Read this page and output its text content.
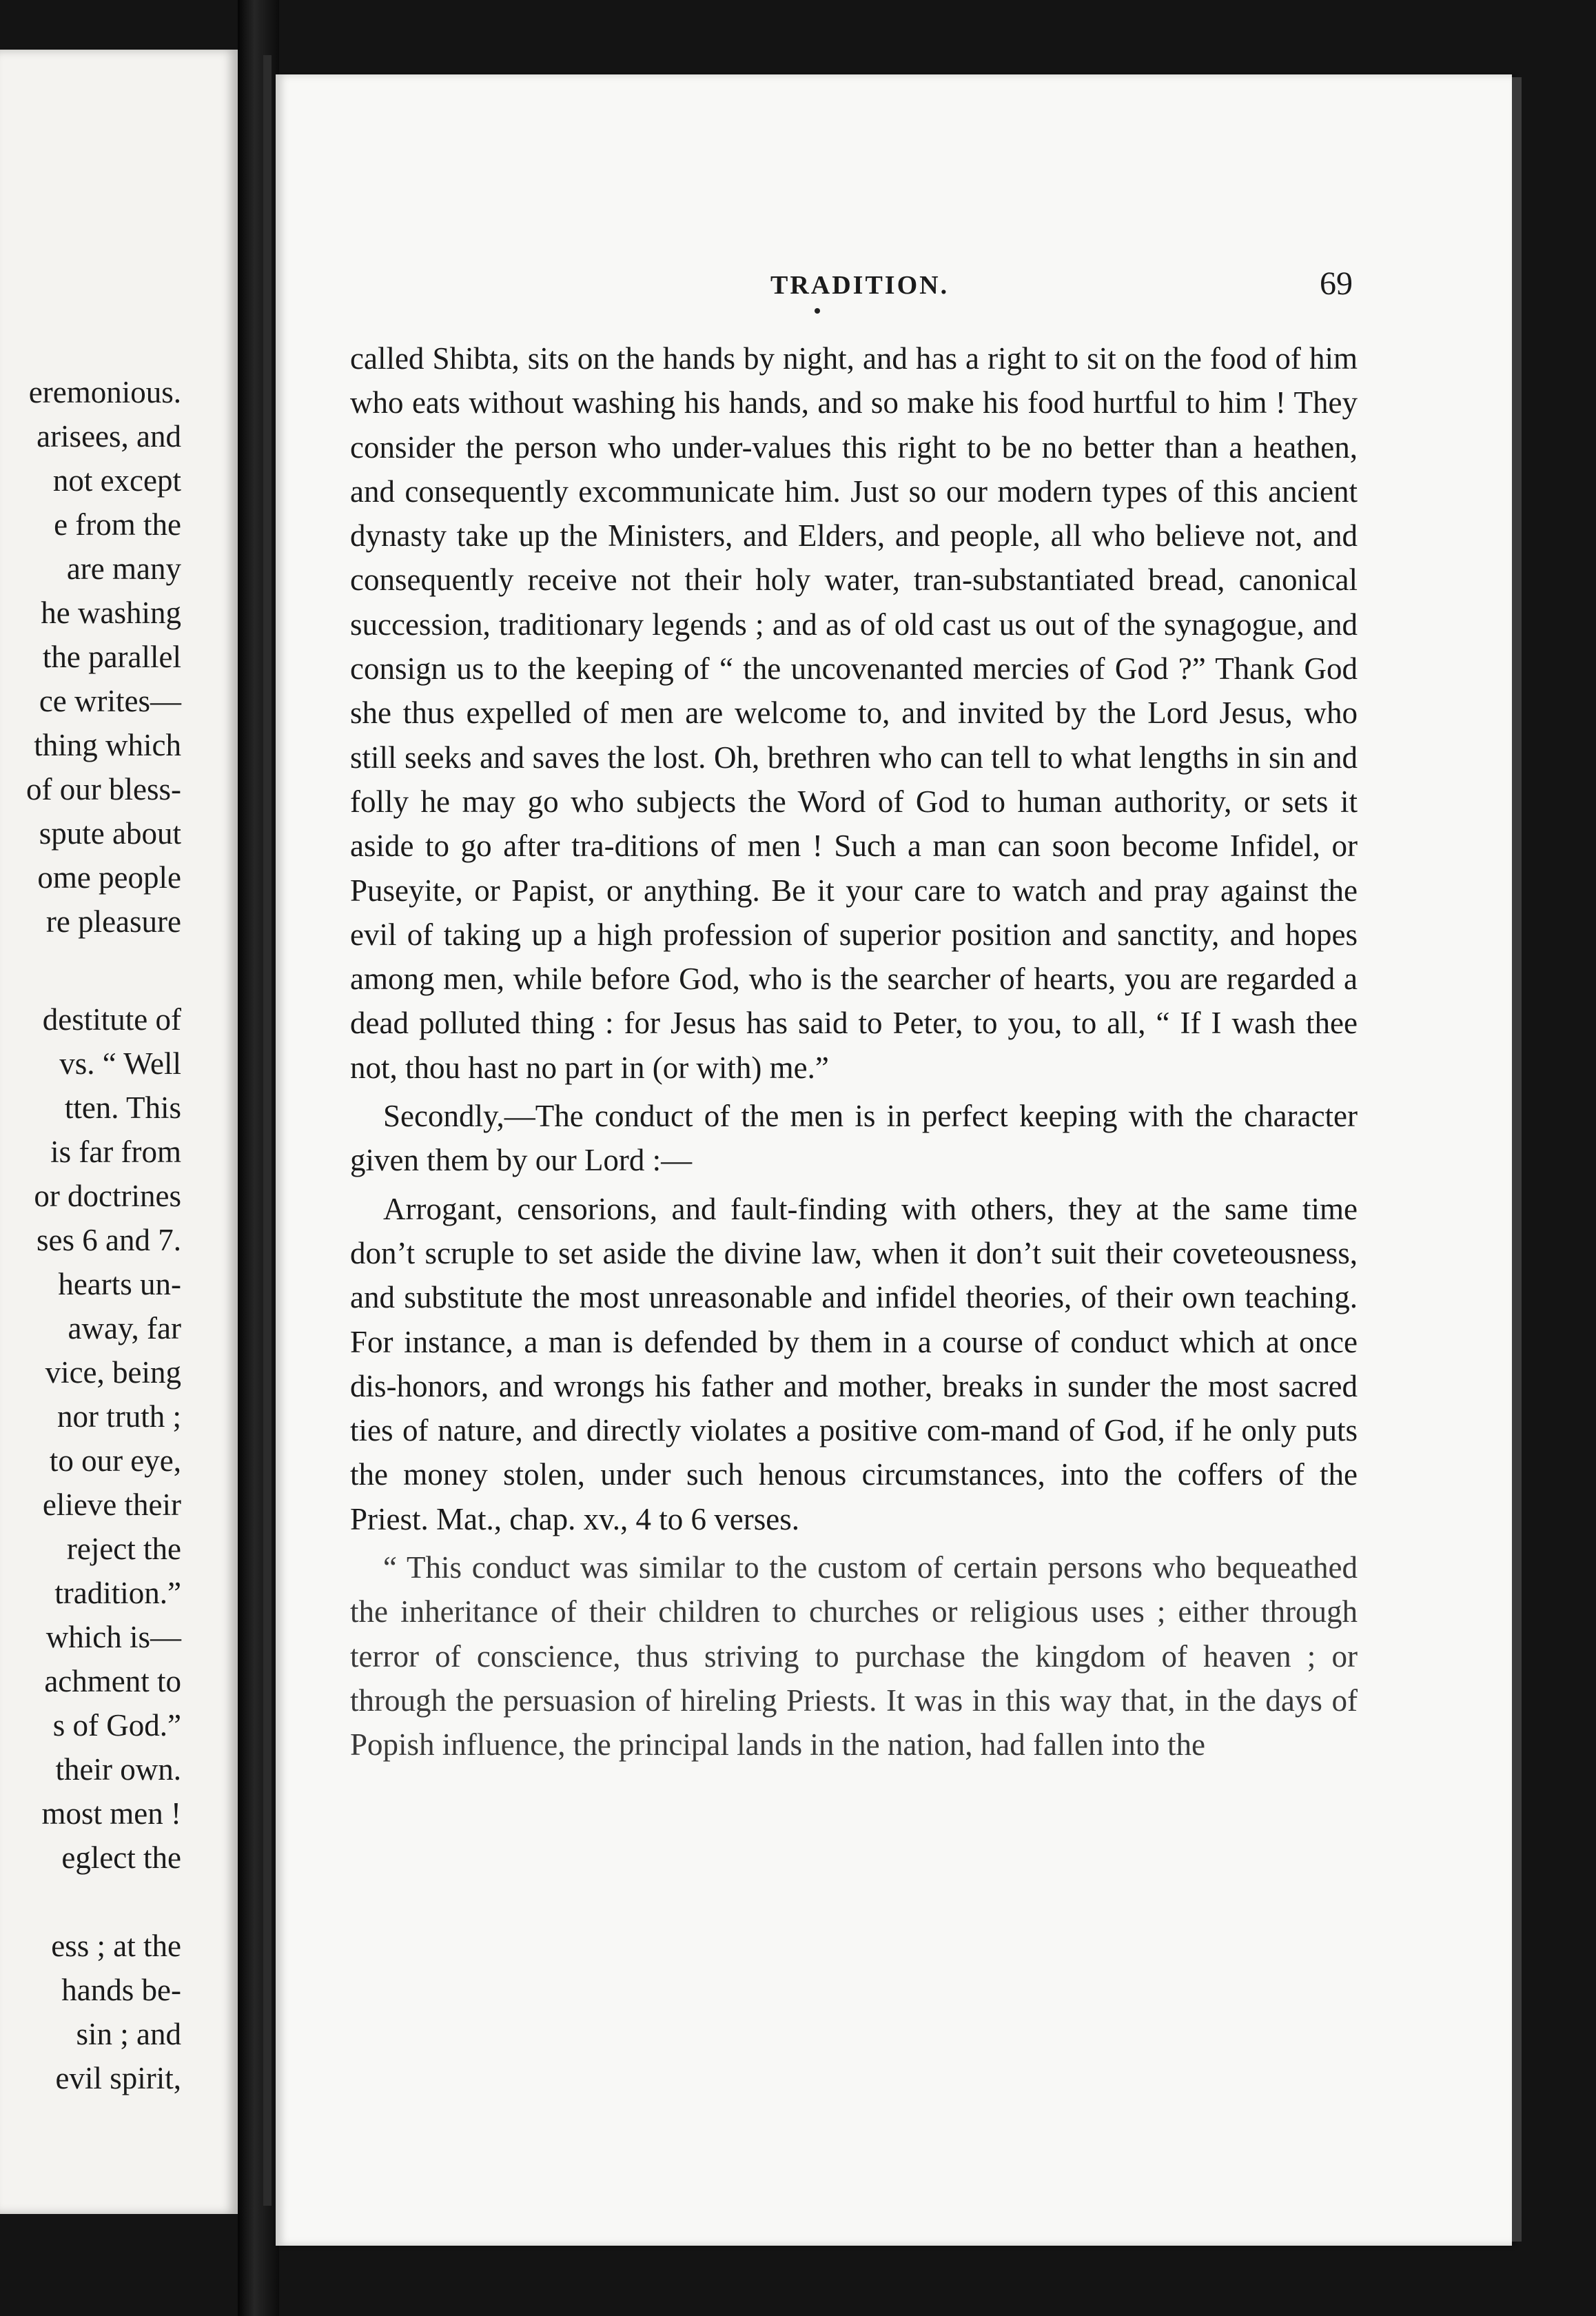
eremonious.
arisees, and
not except
e from the
are many
he washing
the parallel
ce writes—
thing which
of our bless-
spute about
ome people
re pleasure
destitute of
vs. “ Well
tten. This
is far from
or doctrines
ses 6 and 7.
hearts un-
away, far
vice, being
nor truth ;
to our eye,
elieve their
reject the
tradition.”
which is—
achment to
s of God.”
their own.
most men !
eglect the
ess ; at the
hands be-
sin ; and
evil spirit,
TRADITION.	69

called Shibta, sits on the hands by night, and has a right to sit on the food of him who eats without washing his hands, and so make his food hurtful to him ! They consider the person who under-values this right to be no better than a heathen, and consequently excommunicate him. Just so our modern types of this ancient dynasty take up the Ministers, and Elders, and people, all who believe not, and consequently receive not their holy water, tran-substantiated bread, canonical succession, traditionary legends ; and as of old cast us out of the synagogue, and consign us to the keeping of “ the uncovenanted mercies of God ?” Thank God she thus expelled of men are welcome to, and invited by the Lord Jesus, who still seeks and saves the lost. Oh, brethren who can tell to what lengths in sin and folly he may go who subjects the Word of God to human authority, or sets it aside to go after tra-ditions of men ! Such a man can soon become Infidel, or Puseyite, or Papist, or anything. Be it your care to watch and pray against the evil of taking up a high profession of superior position and sanctity, and hopes among men, while before God, who is the searcher of hearts, you are regarded a dead polluted thing : for Jesus has said to Peter, to you, to all, “ If I wash thee not, thou hast no part in (or with) me.”

Secondly,—The conduct of the men is in perfect keeping with the character given them by our Lord :—

Arrogant, censorions, and fault-finding with others, they at the same time don’t scruple to set aside the divine law, when it don’t suit their coveteousness, and substitute the most unreasonable and infidel theories, of their own teaching. For instance, a man is defended by them in a course of conduct which at once dis-honors, and wrongs his father and mother, breaks in sunder the most sacred ties of nature, and directly violates a positive com-mand of God, if he only puts the money stolen, under such henous circumstances, into the coffers of the Priest. Mat., chap. xv., 4 to 6 verses.

“ This conduct was similar to the custom of certain persons who bequeathed the inheritance of their children to churches or religious uses ; either through terror of conscience, thus striving to purchase the kingdom of heaven ; or through the persuasion of hireling Priests. It was in this way that, in the days of Popish influence, the principal lands in the nation, had fallen into the
